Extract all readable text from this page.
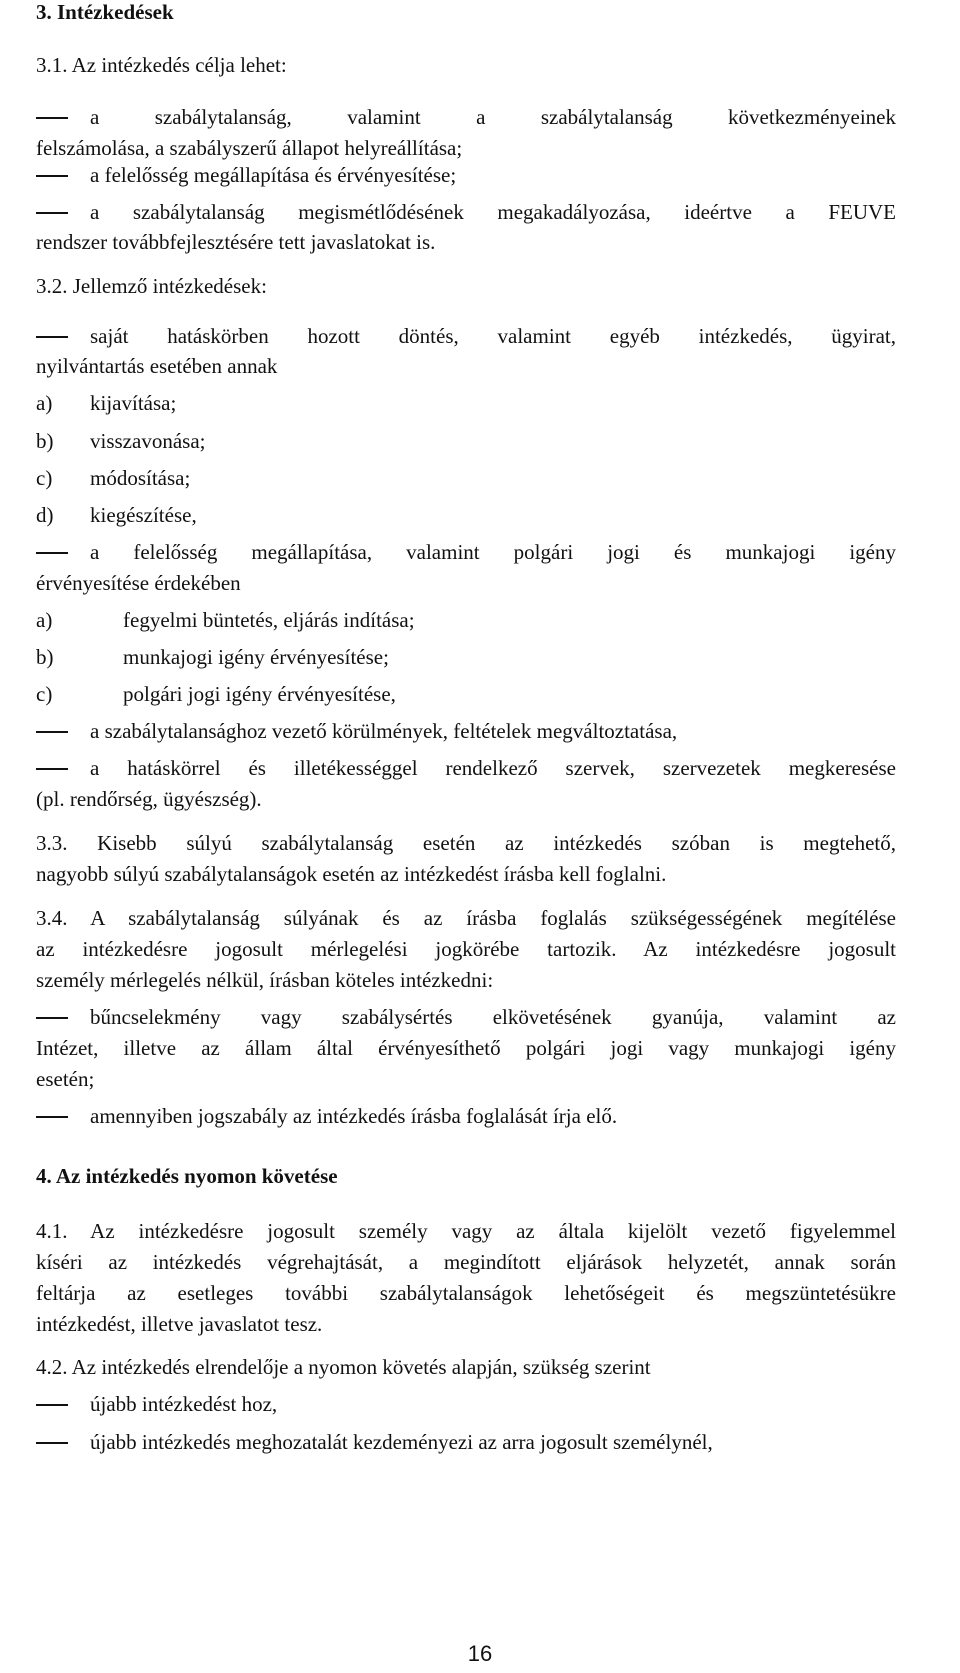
3. Intézkedések
3.1. Az intézkedés célja lehet:
a szabálytalanság, valamint a szabálytalanság következményeinek
felszámolása, a szabályszerű állapot helyreállítása;
a felelősség megállapítása és érvényesítése;
a szabálytalanság megismétlődésének megakadályozása, ideértve a FEUVE
rendszer továbbfejlesztésére tett javaslatokat is.
3.2. Jellemző intézkedések:
saját hatáskörben hozott döntés, valamint egyéb intézkedés, ügyirat,
nyilvántartás esetében annak
a) kijavítása;
b) visszavonása;
c) módosítása;
d) kiegészítése,
a felelősség megállapítása, valamint polgári jogi és munkajogi igény
érvényesítése érdekében
a)	fegyelmi büntetés, eljárás indítása;
b)	munkajogi igény érvényesítése;
c)	polgári jogi igény érvényesítése,
a szabálytalansághoz vezető körülmények, feltételek megváltoztatása,
a hatáskörrel és illetékességgel rendelkező szervek, szervezetek megkeresése
(pl. rendőrség, ügyészség).
3.3. Kisebb súlyú szabálytalanság esetén az intézkedés szóban is megtehető,
nagyobb súlyú szabálytalanságok esetén az intézkedést írásba kell foglalni.
3.4. A szabálytalanság súlyának és az írásba foglalás szükségességének megítélése
az intézkedésre jogosult mérlegelési jogkörébe tartozik. Az intézkedésre jogosult
személy mérlegelés nélkül, írásban köteles intézkedni:
bűncselekmény vagy szabálysértés elkövetésének gyanúja, valamint az
Intézet, illetve az állam által érvényesíthető polgári jogi vagy munkajogi igény
esetén;
amennyiben jogszabály az intézkedés írásba foglalását írja elő.
4. Az intézkedés nyomon követése
4.1. Az intézkedésre jogosult személy vagy az általa kijelölt vezető figyelemmel
kíséri az intézkedés végrehajtását, a megindított eljárások helyzetét, annak során
feltárja az esetleges további szabálytalanságok lehetőségeit és megszüntetésükre
intézkedést, illetve javaslatot tesz.
4.2. Az intézkedés elrendelője a nyomon követés alapján, szükség szerint
újabb intézkedést hoz,
újabb intézkedés meghozatalát kezdeményezi az arra jogosult személynél,
16
